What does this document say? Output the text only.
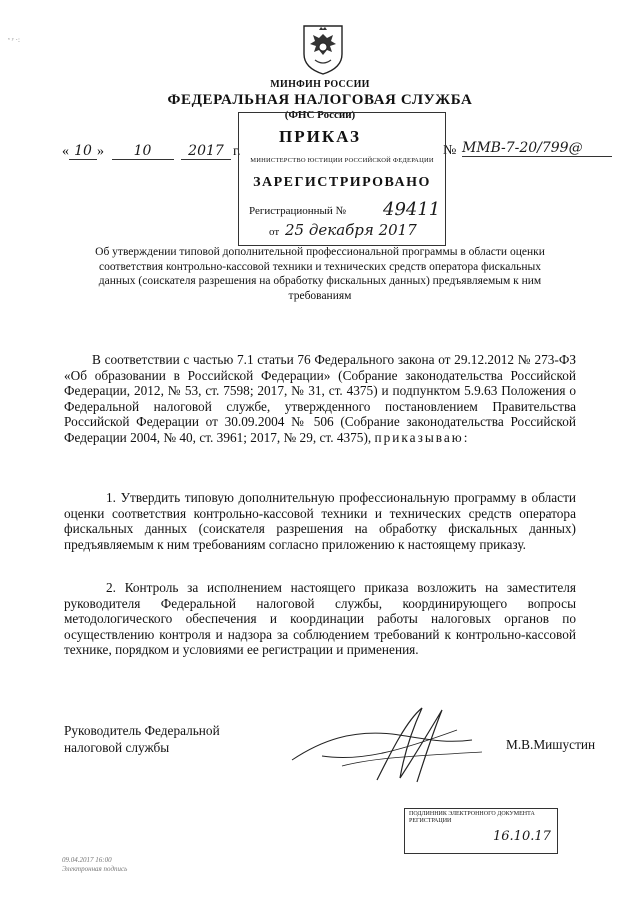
ᵛ ʸ ·:
МИНФИН РОССИИ
ФЕДЕРАЛЬНАЯ НАЛОГОВАЯ СЛУЖБА
(ФНС России)
ПРИКАЗ
« 10 » 10	2017 г.	№ ММВ-7-20/799@
МИНИСТЕРСТВО ЮСТИЦИИ РОССИЙСКОЙ ФЕДЕРАЦИИ
ЗАРЕГИСТРИРОВАНО
Регистрационный № 49411
от 25 декабря 2017
Об утверждении типовой дополнительной профессиональной программы в области оценки соответствия контрольно-кассовой техники и технических средств оператора фискальных данных (соискателя разрешения на обработку фискальных данных) предъявляемым к ним требованиям
В соответствии с частью 7.1 статьи 76 Федерального закона от 29.12.2012 № 273-ФЗ «Об образовании в Российской Федерации» (Собрание законодательства Российской Федерации, 2012, № 53, ст. 7598; 2017, № 31, ст. 4375) и подпунктом 5.9.63 Положения о Федеральной налоговой службе, утвержденного постановлением Правительства Российской Федерации от 30.09.2004 № 506 (Собрание законодательства Российской Федерации 2004, № 40, ст. 3961; 2017, № 29, ст. 4375), приказываю:
1. Утвердить типовую дополнительную профессиональную программу в области оценки соответствия контрольно-кассовой техники и технических средств оператора фискальных данных (соискателя разрешения на обработку фискальных данных) предъявляемым к ним требованиям согласно приложению к настоящему приказу.
2. Контроль за исполнением настоящего приказа возложить на заместителя руководителя Федеральной налоговой службы, координирующего вопросы методологического обеспечения и координации работы налоговых органов по осуществлению контроля и надзора за соблюдением требований к контрольно-кассовой технике, порядком и условиями ее регистрации и применения.
Руководитель Федеральной
налоговой службы	М.В.Мишустин
ПОДЛИННИК ЭЛЕКТРОННОГО ДОКУМЕНТА
РЕГИСТРАЦИИ
16.10.17
09.04.2017 16:00
Электронная подпись
